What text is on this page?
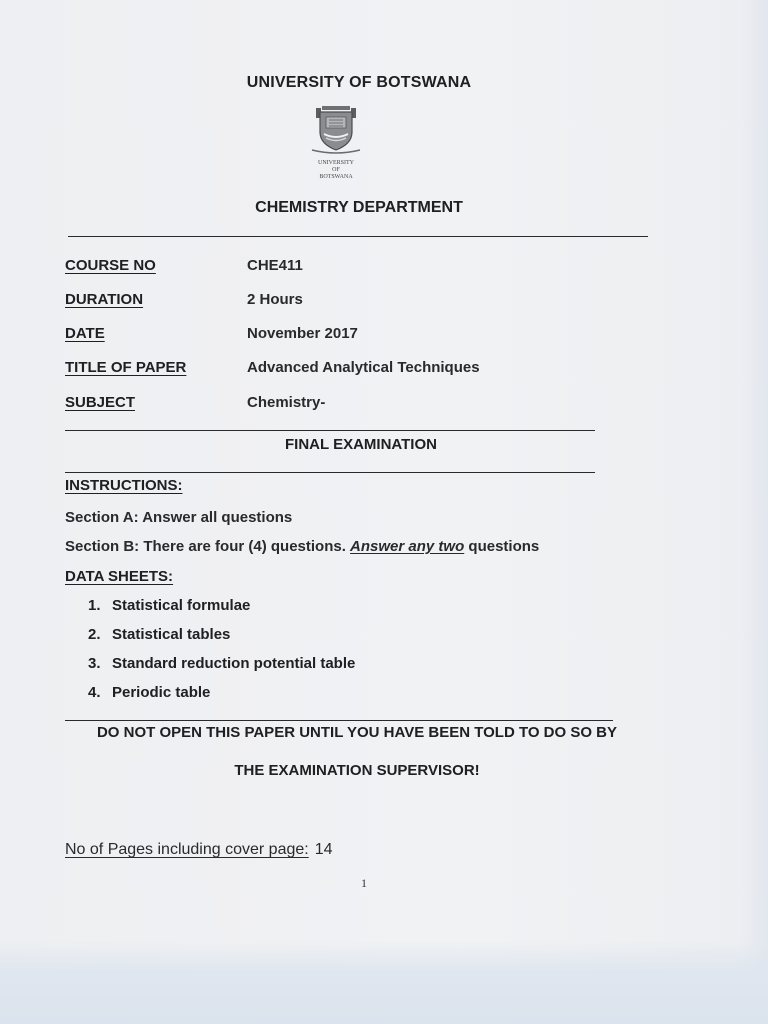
UNIVERSITY OF BOTSWANA

UNIVERSITY
OF
BOTSWANA

CHEMISTRY DEPARTMENT

COURSE NO	CHE411

DURATION	2 Hours

DATE	November 2017

TITLE OF PAPER	Advanced Analytical Techniques

SUBJECT	Chemistry-

FINAL EXAMINATION

INSTRUCTIONS:

Section A: Answer all questions

Section B: There are four (4) questions. Answer any two questions

DATA SHEETS:

1. Statistical formulae

2. Statistical tables

3. Standard reduction potential table

4. Periodic table

DO NOT OPEN THIS PAPER UNTIL YOU HAVE BEEN TOLD TO DO SO BY

THE EXAMINATION SUPERVISOR!

No of Pages including cover page: 14

1
